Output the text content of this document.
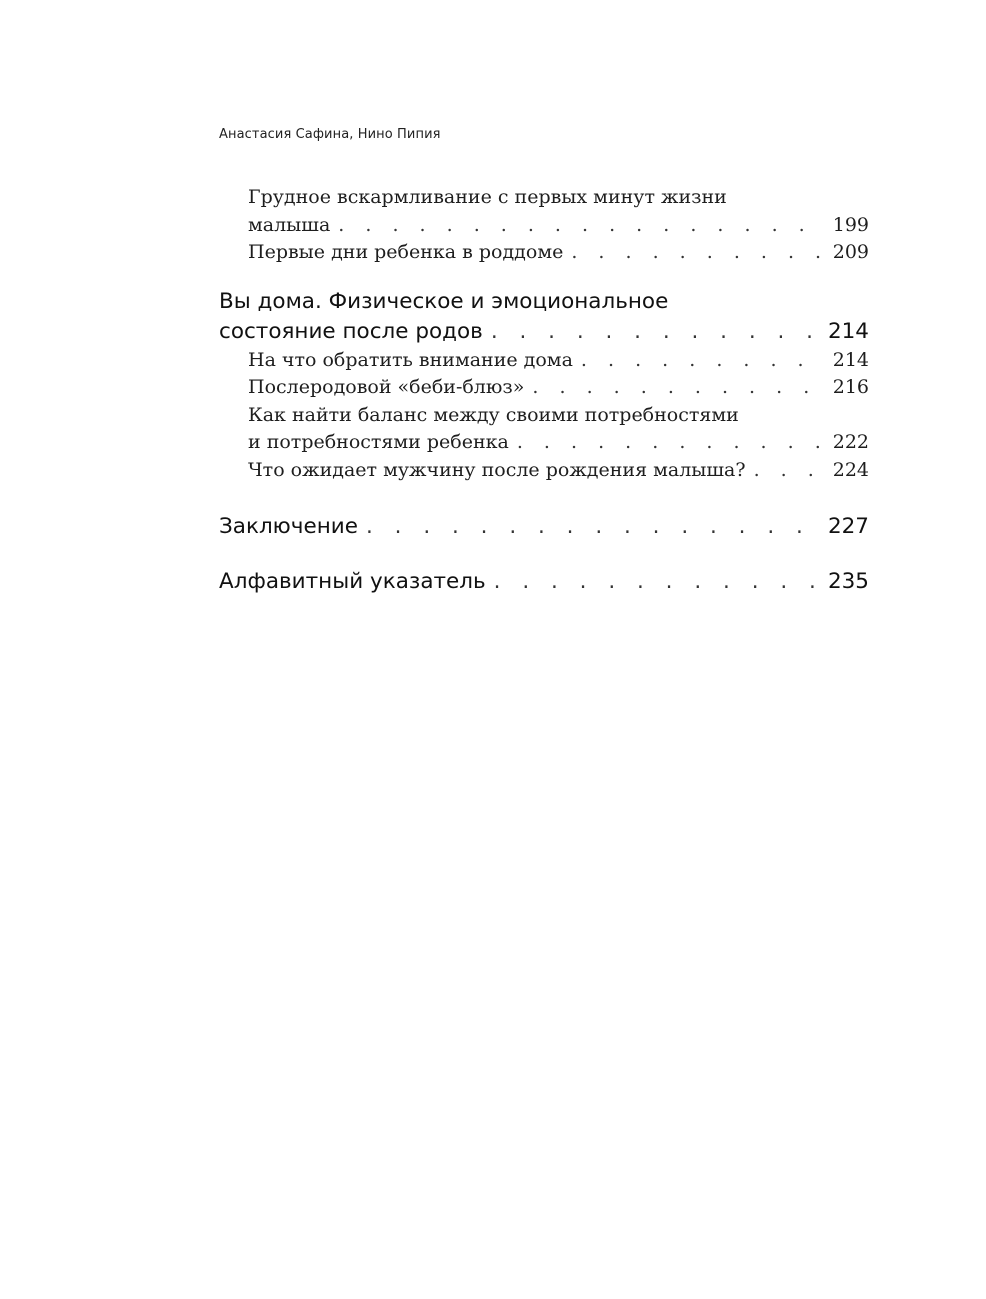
Анастасия Сафина, Нино Пипия
Грудное вскармливание с первых минут жизни
малыша . . .	199
Первые дни ребенка в роддоме . . .	209
Вы дома. Физическое и эмоциональное
состояние после родов . . .	214
На что обратить внимание дома . . .	214
Послеродовой «беби-блюз» . . .	216
Как найти баланс между своими потребностями
и потребностями ребенка . . .	222
Что ожидает мужчину после рождения малыша? . . .	224
Заключение . . .	227
Алфавитный указатель . . .	235
